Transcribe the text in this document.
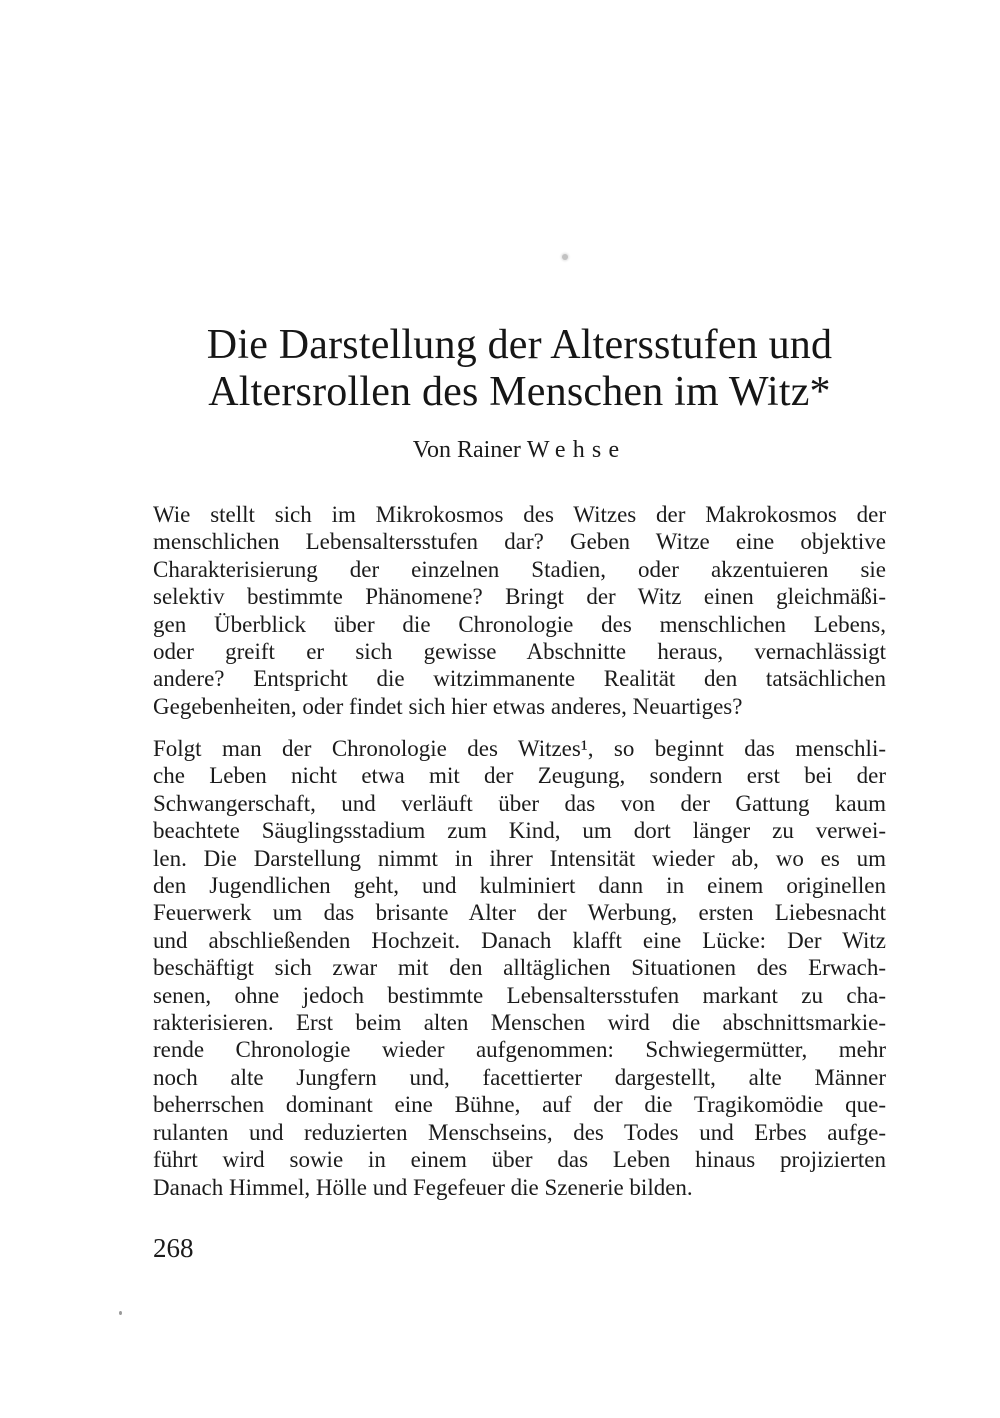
Die Darstellung der Altersstufen und
Altersrollen des Menschen im Witz*
Von Rainer Wehse
Wie stellt sich im Mikrokosmos des Witzes der Makrokosmos der
menschlichen Lebensaltersstufen dar? Geben Witze eine objektive
Charakterisierung der einzelnen Stadien, oder akzentuieren sie
selektiv bestimmte Phänomene? Bringt der Witz einen gleichmäßi-
gen Überblick über die Chronologie des menschlichen Lebens,
oder greift er sich gewisse Abschnitte heraus, vernachlässigt
andere? Entspricht die witzimmanente Realität den tatsächlichen
Gegebenheiten, oder findet sich hier etwas anderes, Neuartiges?
Folgt man der Chronologie des Witzes¹, so beginnt das menschli-
che Leben nicht etwa mit der Zeugung, sondern erst bei der
Schwangerschaft, und verläuft über das von der Gattung kaum
beachtete Säuglingsstadium zum Kind, um dort länger zu verwei-
len. Die Darstellung nimmt in ihrer Intensität wieder ab, wo es um
den Jugendlichen geht, und kulminiert dann in einem originellen
Feuerwerk um das brisante Alter der Werbung, ersten Liebesnacht
und abschließenden Hochzeit. Danach klafft eine Lücke: Der Witz
beschäftigt sich zwar mit den alltäglichen Situationen des Erwach-
senen, ohne jedoch bestimmte Lebensaltersstufen markant zu cha-
rakterisieren. Erst beim alten Menschen wird die abschnittsmarkie-
rende Chronologie wieder aufgenommen: Schwiegermütter, mehr
noch alte Jungfern und, facettierter dargestellt, alte Männer
beherrschen dominant eine Bühne, auf der die Tragikomödie que-
rulanten und reduzierten Menschseins, des Todes und Erbes aufge-
führt wird sowie in einem über das Leben hinaus projizierten
Danach Himmel, Hölle und Fegefeuer die Szenerie bilden.
268
